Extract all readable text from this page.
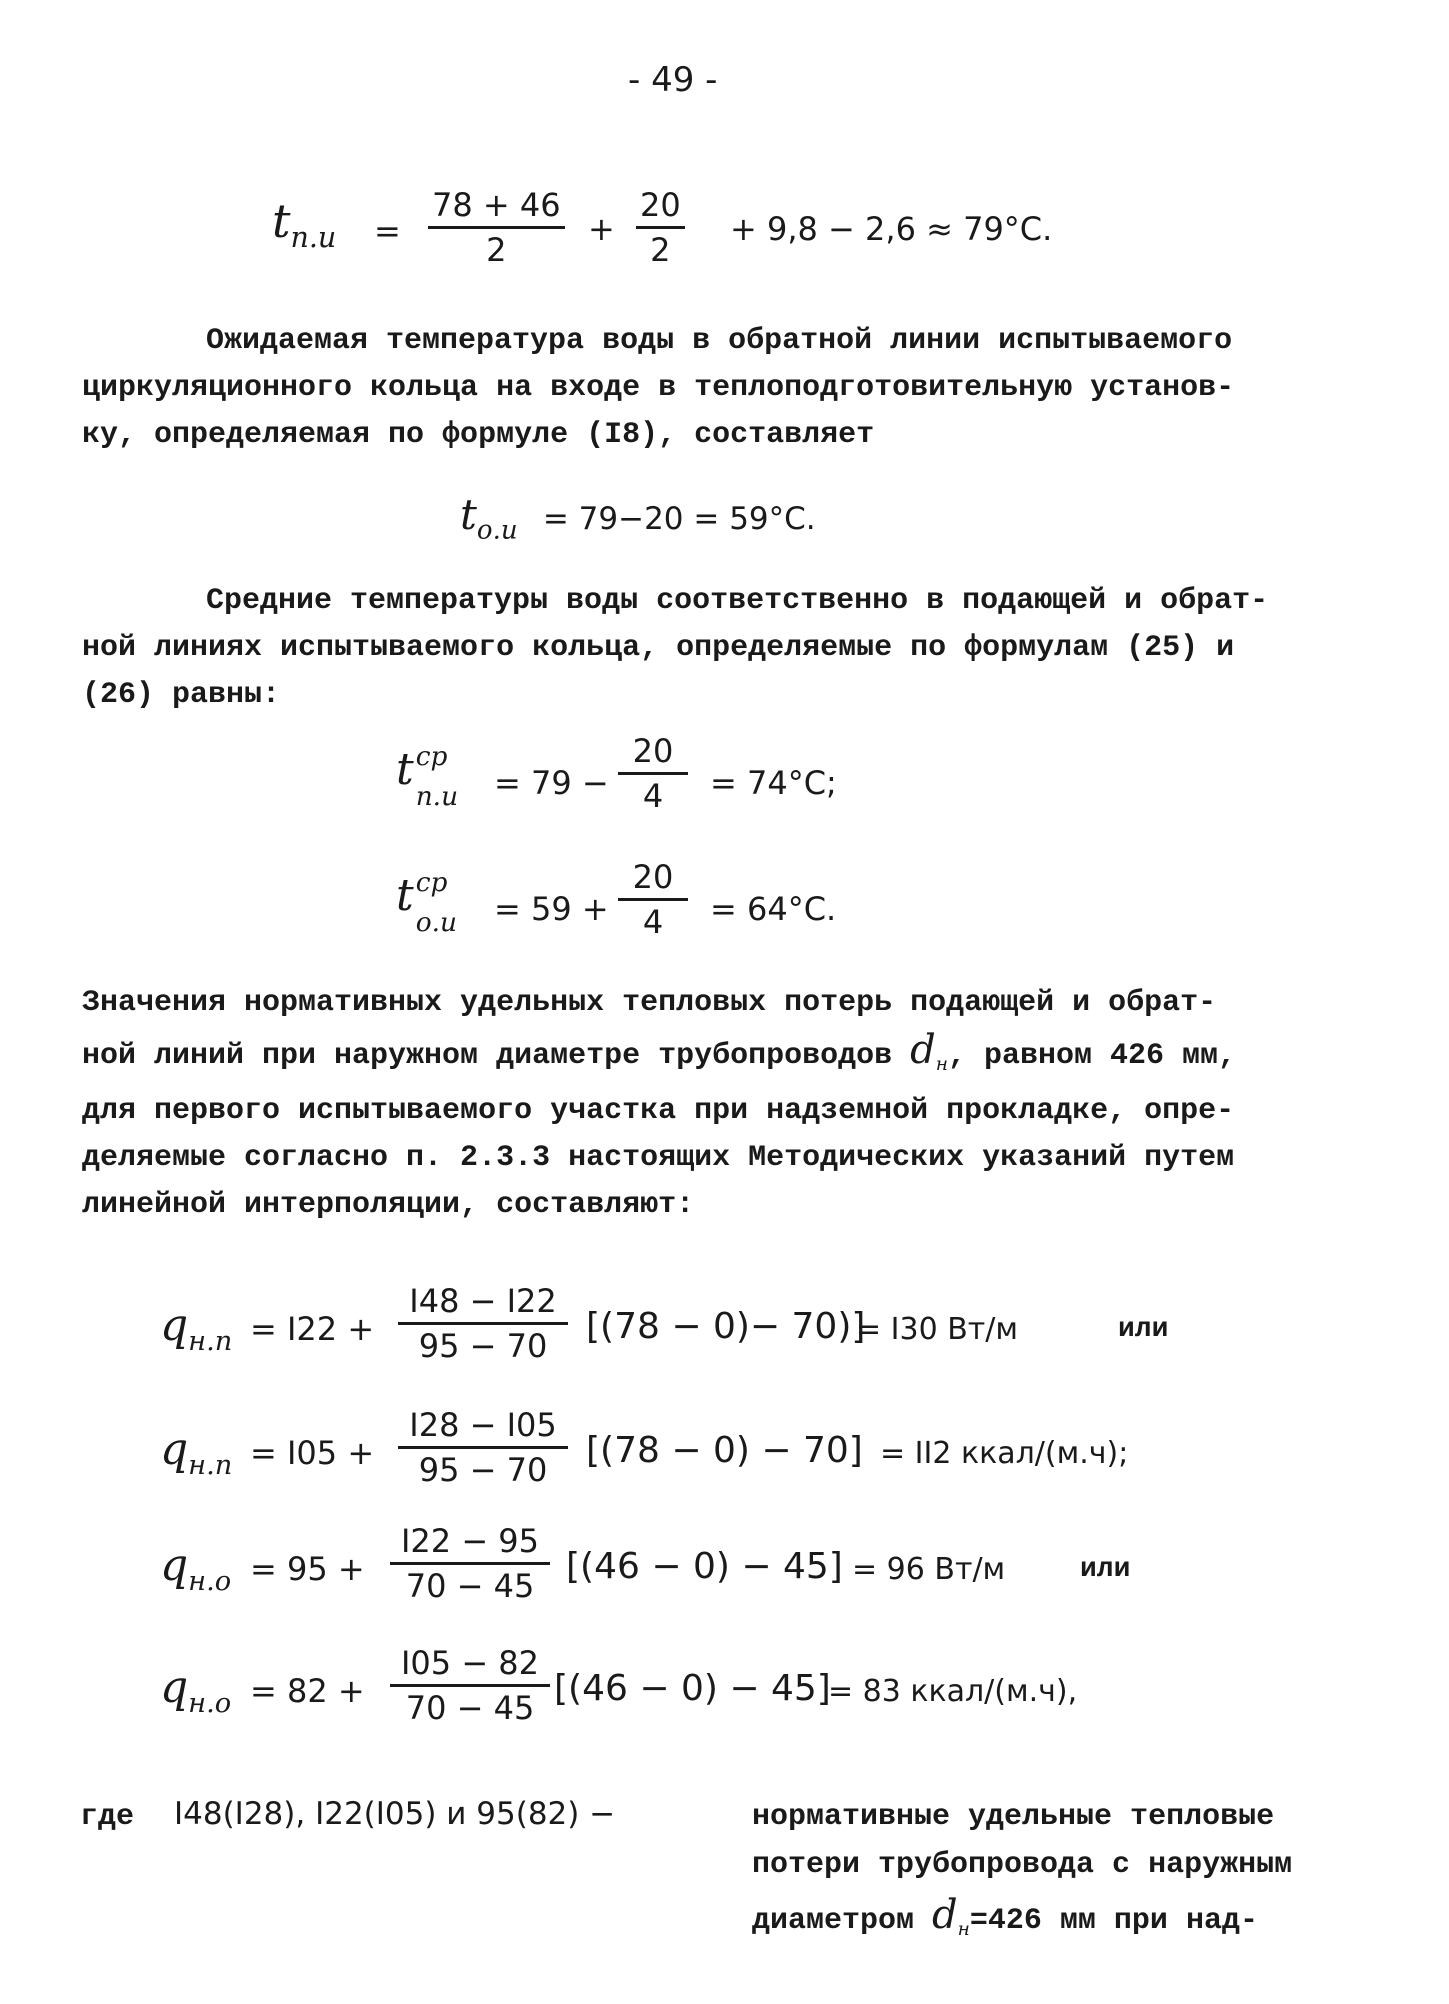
- 49 -
$t_{п.и} = \frac{78 + 46}{2} + \frac{20}{2} + 9,8 - 2,6 \approx 79^\circ С$.
Ожидаемая температура воды в обратной линии испытываемого
циркуляционного кольца на входе в теплоподготовительную установ-
ку, определяемая по формуле (I8), составляет
$t_{о.и} = 79-20 = 59^\circ С$.
Средние температуры воды соответственно в подающей и обрат-
ной линиях испытываемого кольца, определяемые по формулам (25) и
(26) равны:
t ср
$п.и = 79 - \frac{20}{4} = 74^\circ С$;
t ср
$о.и = 59 + \frac{20}{4} = 64^\circ С$.
Значения нормативных удельных тепловых потерь подающей и обрат-
ной линий при наружном диаметре трубопроводов $d_н$, равном 426 мм,
для первого испытываемого участка при надземной прокладке, опре-
деляемые согласно п. 2.3.3 настоящих Методических указаний путем
линейной интерполяции, составляют:
$q_{н.п} = I22 + \frac{I48 - I22}{95 - 70} [(78 - 0)- 70)$]
= I30 Вт/м	или
$q_{н.п} = I05 + \frac{I28 - I05}{95 - 70} [(78 - 0) - 70] = II2$ ккал/(м.ч);
$q_{н.о} = 95 + \frac{I22 - 95}{70 - 45} [(46 - 0) - 45] = 96$ Вт/м	или
$q_{н.о} = 82 + \frac{I05 - 82}{70 - 45} [(46 - 0) - 45]$
= 83 ккал/(м.ч),
где I48(I28), I22(I05) и 95(82) −	нормативные удельные тепловые
потери трубопровода с наружным
диаметром $d_н=426$ мм при над-
